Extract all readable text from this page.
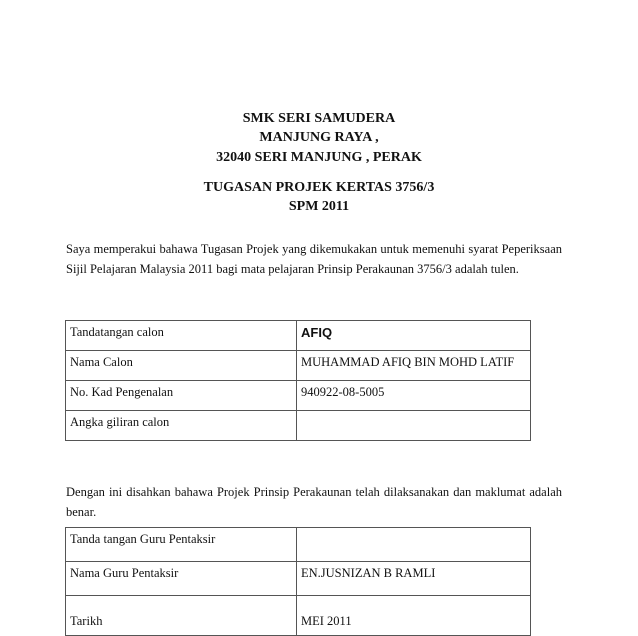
SMK SERI SAMUDERA
MANJUNG RAYA ,
32040 SERI MANJUNG , PERAK
TUGASAN PROJEK KERTAS 3756/3
SPM 2011
Saya memperakui bahawa Tugasan Projek yang dikemukakan untuk memenuhi syarat Peperiksaan Sijil Pelajaran Malaysia 2011 bagi mata pelajaran Prinsip Perakaunan 3756/3 adalah tulen.
Tandatangan calon	AFIQ
Nama Calon	MUHAMMAD AFIQ BIN MOHD LATIF
No. Kad Pengenalan	940922-08-5005
Angka giliran calon	
Dengan ini disahkan bahawa Projek Prinsip Perakaunan telah dilaksanakan dan maklumat adalah benar.
Tanda tangan Guru Pentaksir	
Nama Guru Pentaksir	EN.JUSNIZAN B RAMLI
Tarikh	MEI 2011
